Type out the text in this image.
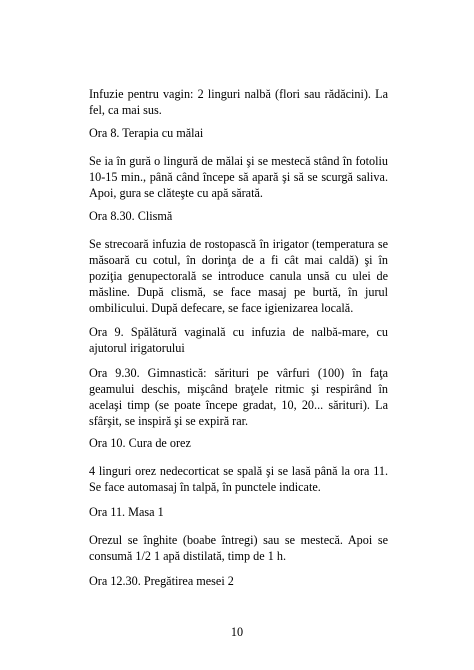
Infuzie pentru vagin: 2 linguri nalbă (flori sau rădăcini). La fel, ca mai sus.

Ora 8. Terapia cu mălai

Se ia în gură o lingură de mălai şi se mestecă stând în fotoliu 10-15 min., până când începe să apară şi să se scurgă saliva. Apoi, gura se clăteşte cu apă sărată.

Ora 8.30. Clismă

Se strecoară infuzia de rostopască în irigator (temperatura se măsoară cu cotul, în dorinţa de a fi cât mai caldă) şi în poziţia genupectorală se introduce canula unsă cu ulei de măsline. După clismă, se face masaj pe burtă, în jurul ombilicului. După defecare, se face igienizarea locală.

Ora 9. Spălătură vaginală cu infuzia de nalbă-mare, cu ajutorul irigatorului

Ora 9.30. Gimnastică: sărituri pe vârfuri (100) în faţa geamului deschis, mişcând braţele ritmic şi respirând în acelaşi timp (se poate începe gradat, 10, 20... sărituri). La sfârşit, se inspiră şi se expiră rar.

Ora 10. Cura de orez

4 linguri orez nedecorticat se spală şi se lasă până la ora 11. Se face automasaj în talpă, în punctele indicate.

Ora 11. Masa 1

Orezul se înghite (boabe întregi) sau se mestecă. Apoi se consumă 1/2 1 apă distilată, timp de 1 h.

Ora 12.30. Pregătirea mesei 2

10
